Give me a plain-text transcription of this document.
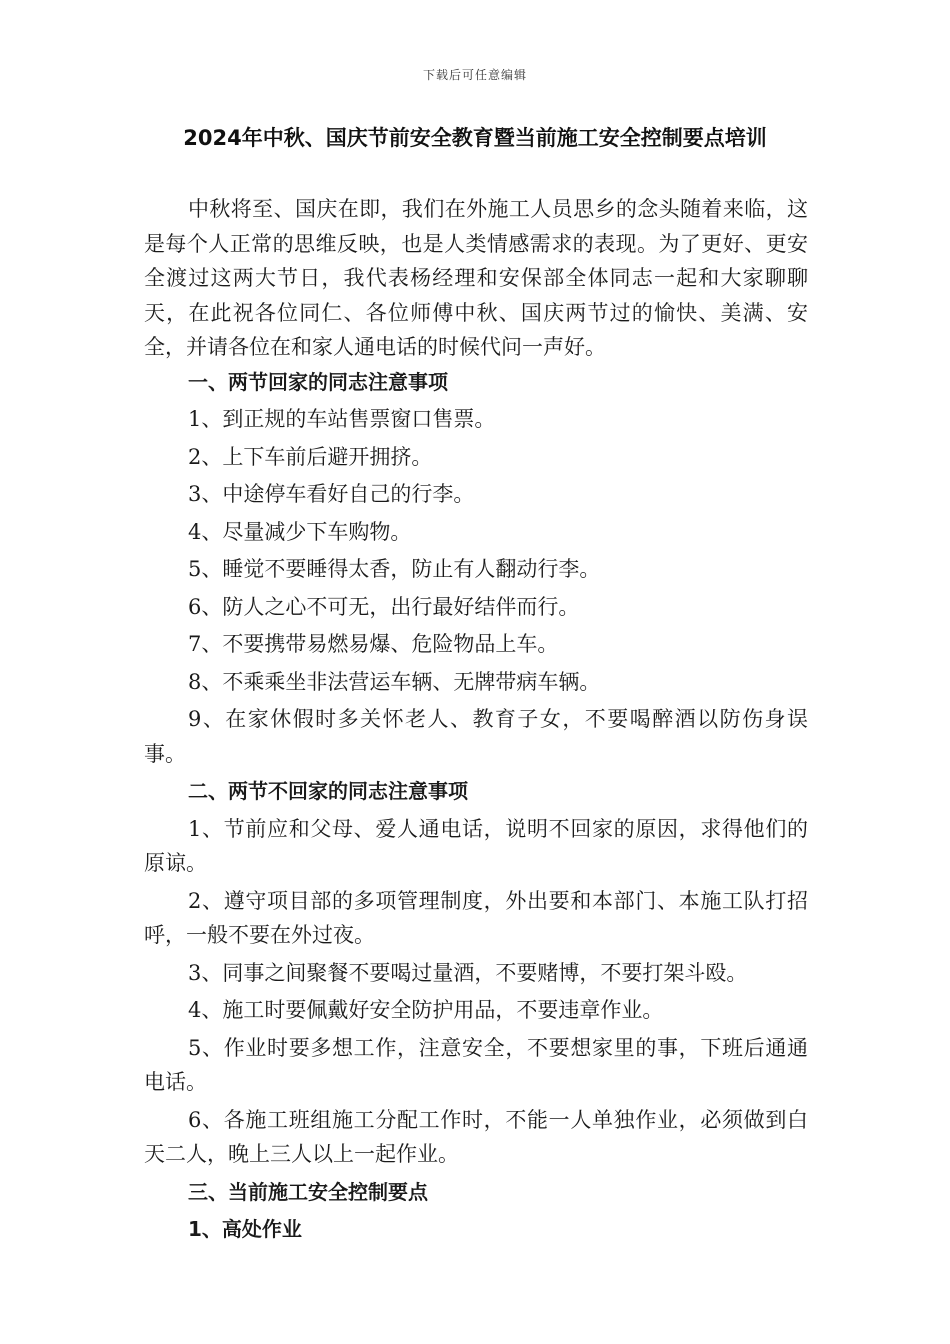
下载后可任意编辑
2024年中秋、国庆节前安全教育暨当前施工安全控制要点培训

中秋将至、国庆在即，我们在外施工人员思乡的念头随着来临，这是每个人正常的思维反映，也是人类情感需求的表现。为了更好、更安全渡过这两大节日，我代表杨经理和安保部全体同志一起和大家聊聊天，在此祝各位同仁、各位师傅中秋、国庆两节过的愉快、美满、安全，并请各位在和家人通电话的时候代问一声好。

一、两节回家的同志注意事项

1、到正规的车站售票窗口售票。

2、上下车前后避开拥挤。

3、中途停车看好自己的行李。

4、尽量减少下车购物。

5、睡觉不要睡得太香，防止有人翻动行李。

6、防人之心不可无，出行最好结伴而行。

7、不要携带易燃易爆、危险物品上车。

8、不乘乘坐非法营运车辆、无牌带病车辆。

9、在家休假时多关怀老人、教育子女，不要喝醉酒以防伤身误事。

二、两节不回家的同志注意事项

1、节前应和父母、爱人通电话，说明不回家的原因，求得他们的原谅。

2、遵守项目部的多项管理制度，外出要和本部门、本施工队打招呼，一般不要在外过夜。

3、同事之间聚餐不要喝过量酒，不要赌博，不要打架斗殴。

4、施工时要佩戴好安全防护用品，不要违章作业。

5、作业时要多想工作，注意安全，不要想家里的事，下班后通通电话。

6、各施工班组施工分配工作时，不能一人单独作业，必须做到白天二人，晚上三人以上一起作业。

三、当前施工安全控制要点

1、高处作业
